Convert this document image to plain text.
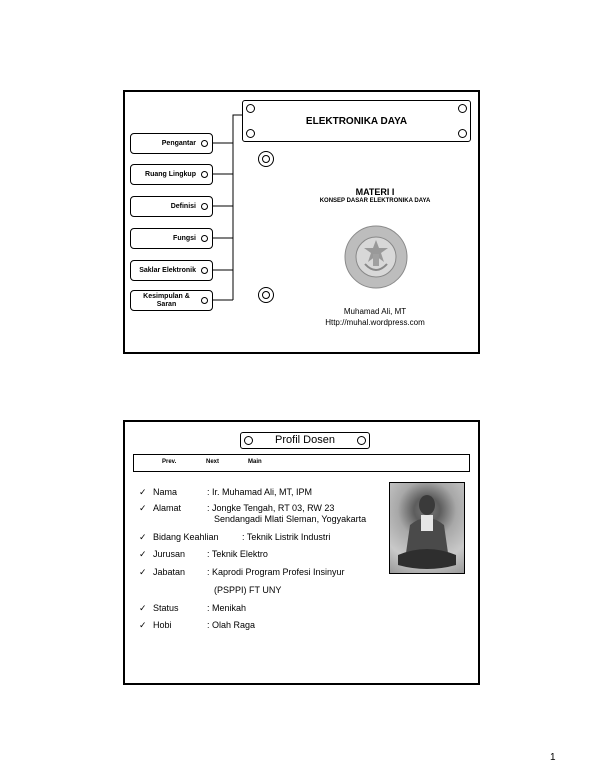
Pengantar
Ruang Lingkup
Definisi
Fungsi
Saklar Elektronik
Kesimpulan & Saran
ELEKTRONIKA DAYA
MATERI I
KONSEP DASAR ELEKTRONIKA DAYA
Muhamad Ali, MT
Http://muhal.wordpress.com
Profil Dosen
Prev.	Next	Main
✓ Nama	: Ir. Muhamad Ali, MT, IPM
✓ Alamat	: Jongke Tengah, RT 03, RW 23
Sendangadi Mlati Sleman, Yogyakarta
✓ Bidang Keahlian	: Teknik Listrik Industri
✓ Jurusan : Teknik Elektro
✓ Jabatan : Kaprodi Program Profesi Insinyur
(PSPPI) FT UNY
✓ Status	: Menikah
✓ Hobi	: Olah Raga
1
